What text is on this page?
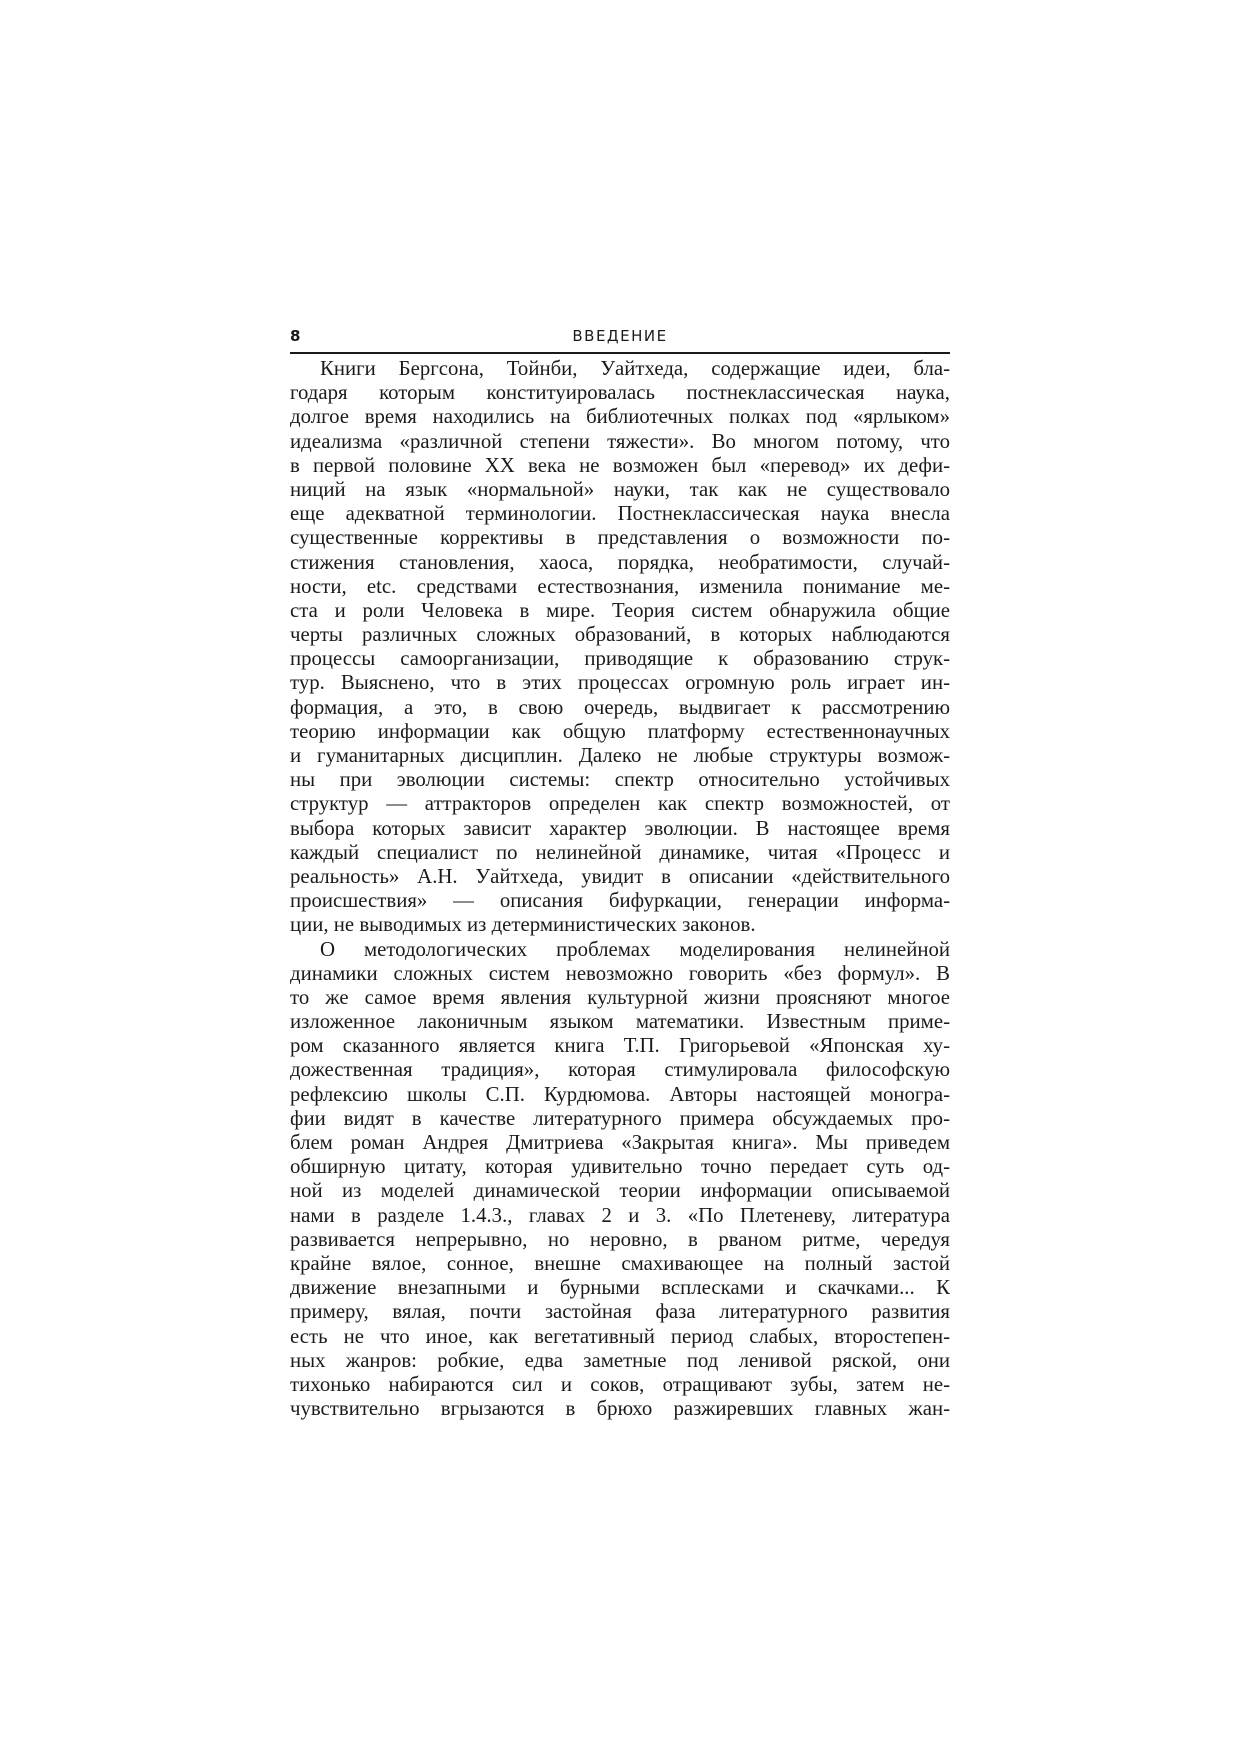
8	ВВЕДЕНИЕ
Книги Бергсона, Тойнби, Уайтхеда, содержащие идеи, бла-
годаря которым конституировалась постнеклассическая наука,
долгое время находились на библиотечных полках под «ярлыком»
идеализма «различной степени тяжести». Во многом потому, что
в первой половине XX века не возможен был «перевод» их дефи-
ниций на язык «нормальной» науки, так как не существовало
еще адекватной терминологии. Постнеклассическая наука внесла
существенные коррективы в представления о возможности по-
стижения становления, хаоса, порядка, необратимости, случай-
ности, etc. средствами естествознания, изменила понимание ме-
ста и роли Человека в мире. Теория систем обнаружила общие
черты различных сложных образований, в которых наблюдаются
процессы самоорганизации, приводящие к образованию струк-
тур. Выяснено, что в этих процессах огромную роль играет ин-
формация, а это, в свою очередь, выдвигает к рассмотрению
теорию информации как общую платформу естественнонаучных
и гуманитарных дисциплин. Далеко не любые структуры возмож-
ны при эволюции системы: спектр относительно устойчивых
структур — аттракторов определен как спектр возможностей, от
выбора которых зависит характер эволюции. В настоящее время
каждый специалист по нелинейной динамике, читая «Процесс и
реальность» А.Н. Уайтхеда, увидит в описании «действительного
происшествия» — описания бифуркации, генерации информа-
ции, не выводимых из детерминистических законов.
О методологических проблемах моделирования нелинейной
динамики сложных систем невозможно говорить «без формул». В
то же самое время явления культурной жизни проясняют многое
изложенное лаконичным языком математики. Известным приме-
ром сказанного является книга Т.П. Григорьевой «Японская ху-
дожественная традиция», которая стимулировала философскую
рефлексию школы С.П. Курдюмова. Авторы настоящей моногра-
фии видят в качестве литературного примера обсуждаемых про-
блем роман Андрея Дмитриева «Закрытая книга». Мы приведем
обширную цитату, которая удивительно точно передает суть од-
ной из моделей динамической теории информации описываемой
нами в разделе 1.4.3., главах 2 и 3. «По Плетеневу, литература
развивается непрерывно, но неровно, в рваном ритме, чередуя
крайне вялое, сонное, внешне смахивающее на полный застой
движение внезапными и бурными всплесками и скачками... К
примеру, вялая, почти застойная фаза литературного развития
есть не что иное, как вегетативный период слабых, второстепен-
ных жанров: робкие, едва заметные под ленивой ряской, они
тихонько набираются сил и соков, отращивают зубы, затем не-
чувствительно вгрызаются в брюхо разжиревших главных жан-
